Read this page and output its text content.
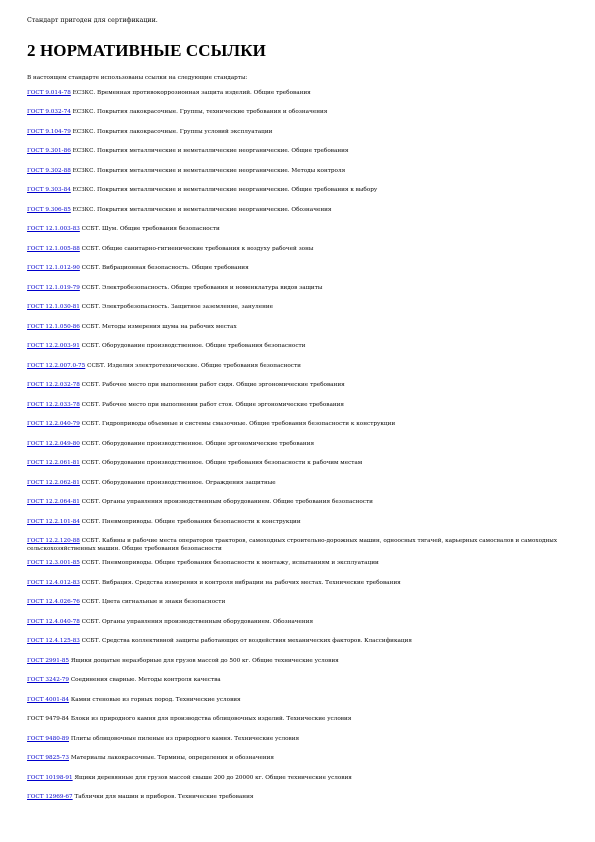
Стандарт пригоден для сертификации.
2 НОРМАТИВНЫЕ ССЫЛКИ
В настоящем стандарте использованы ссылки на следующие стандарты:
ГОСТ 9.014-78 ЕСЗКС. Временная противокоррозионная защита изделий. Общие требования
ГОСТ 9.032-74 ЕСЗКС. Покрытия лакокрасочные. Группы, технические требования и обозначения
ГОСТ 9.104-79 ЕСЗКС. Покрытия лакокрасочные. Группы условий эксплуатации
ГОСТ 9.301-86 ЕСЗКС. Покрытия металлические и неметаллические неорганические. Общие требования
ГОСТ 9.302-88 ЕСЗКС. Покрытия металлические и неметаллические неорганические. Методы контроля
ГОСТ 9.303-84 ЕСЗКС. Покрытия металлические и неметаллические неорганические. Общие требования к выбору
ГОСТ 9.306-85 ЕСЗКС. Покрытия металлические и неметаллические неорганические. Обозначения
ГОСТ 12.1.003-83 ССБТ. Шум. Общие требования безопасности
ГОСТ 12.1.005-88 ССБТ. Общие санитарно-гигиенические требования к воздуху рабочей зоны
ГОСТ 12.1.012-90 ССБТ. Вибрационная безопасность. Общие требования
ГОСТ 12.1.019-79 ССБТ. Электробезопасность. Общие требования и номенклатура видов защиты
ГОСТ 12.1.030-81 ССБТ. Электробезопасность. Защитное заземление, зануление
ГОСТ 12.1.050-86 ССБТ. Методы измерения шума на рабочих местах
ГОСТ 12.2.003-91 ССБТ. Оборудование производственное. Общие требования безопасности
ГОСТ 12.2.007.0-75 ССБТ. Изделия электротехнические. Общие требования безопасности
ГОСТ 12.2.032-78 ССБТ. Рабочее место при выполнении работ сидя. Общие эргономические требования
ГОСТ 12.2.033-78 ССБТ. Рабочее место при выполнении работ стоя. Общие эргономические требования
ГОСТ 12.2.040-79 ССБТ. Гидроприводы объемные и системы смазочные. Общие требования безопасности к конструкции
ГОСТ 12.2.049-80 ССБТ. Оборудование производственное. Общие эргономические требования
ГОСТ 12.2.061-81 ССБТ. Оборудование производственное. Общие требования безопасности к рабочим местам
ГОСТ 12.2.062-81 ССБТ. Оборудование производственное. Ограждения защитные
ГОСТ 12.2.064-81 ССБТ. Органы управления производственным оборудованием. Общие требования безопасности
ГОСТ 12.2.101-84 ССБТ. Пневмоприводы. Общие требования безопасности к конструкции
ГОСТ 12.2.120-88 ССБТ. Кабины и рабочие места операторов тракторов, самоходных строительно-дорожных машин, одноосных тягачей, карьерных самосвалов и самоходных сельскохозяйственных машин. Общие требования безопасности
ГОСТ 12.3.001-85 ССБТ. Пневмоприводы. Общие требования безопасности к монтажу, испытаниям и эксплуатации
ГОСТ 12.4.012-83 ССБТ. Вибрация. Средства измерения и контроля вибрации на рабочих местах. Технические требования
ГОСТ 12.4.026-76 ССБТ. Цвета сигнальные и знаки безопасности
ГОСТ 12.4.040-78 ССБТ. Органы управления производственным оборудованием. Обозначения
ГОСТ 12.4.125-83 ССБТ. Средства коллективной защиты работающих от воздействия механических факторов. Классификация
ГОСТ 2991-85 Ящики дощатые неразборные для грузов массой до 500 кг. Общие технические условия
ГОСТ 3242-79 Соединения сварные. Методы контроля качества
ГОСТ 4001-84 Камни стеновые из горных пород. Технические условия
ГОСТ 9479-84 Блоки из природного камня для производства облицовочных изделий. Технические условия
ГОСТ 9480-89 Плиты облицовочные пиленые из природного камня. Технические условия
ГОСТ 9825-73 Материалы лакокрасочные. Термины, определения и обозначения
ГОСТ 10198-91 Ящики деревянные для грузов массой свыше 200 до 20000 кг. Общие технические условия
ГОСТ 12969-67 Таблички для машин и приборов. Технические требования
